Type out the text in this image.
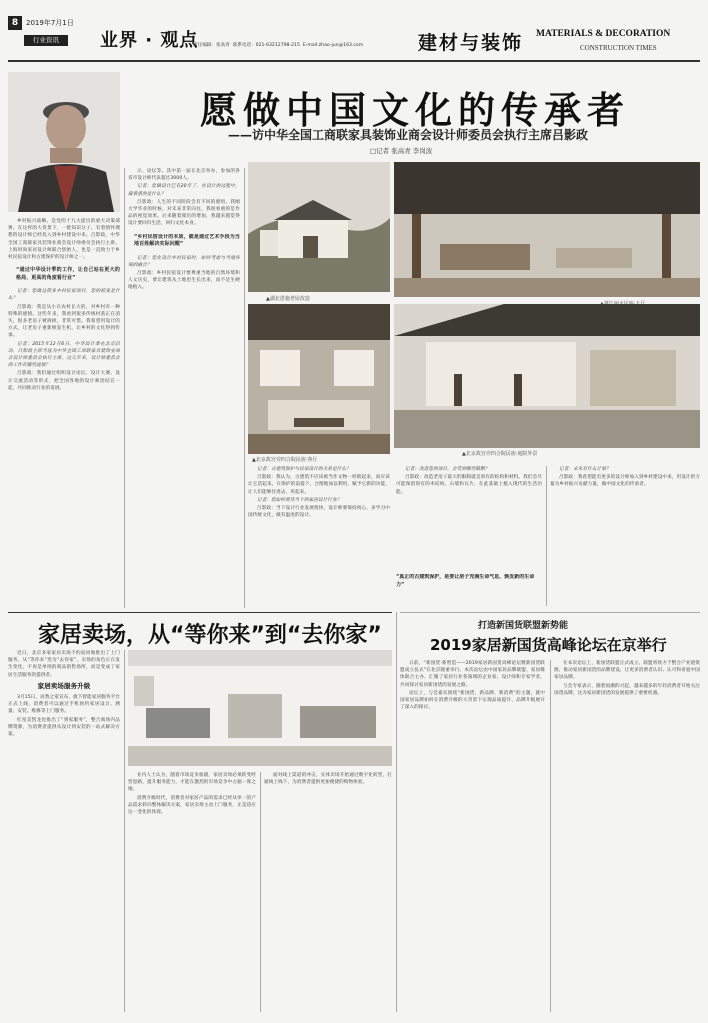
8	2019年7月1日
行业资讯	业界 · 观点
责任编辑：张高青 联系电话：021-63212798-215 E-mail:zhao-jun@163.com	建材与装饰 MATERIALS & DECORATION
CONSTRUCTION TIMES
愿做中国文化的传承者
——访中华全国工商联家具装饰业商会设计师委员会执行主席吕影政
□记者 张高青 李岗波

乡村振兴战略，是党的十九大提出的重大决策部署。在这样的大背景下，一批知识分子、有着情怀理想的设计师已经投入到乡村建设中来。吕影政，中华全国工商联家具装饰业商会设计师委员会执行主席，上海时尚家居设计师联合创始人，也是一直致力于乡村民宿设计和古建保护的设计师之一。

“通过中华设计季的工作，让自己站在更大的格局、更高的角度看行业”

记者：您做过很多乡村民宿项目，您的初衷是什么？

吕影政：我是从小在农村长大的，对乡村有一种特殊的感情。这些年来，我看到很多传统村落正在消失，很多老房子被拆掉，非常可惜。我希望用设计的方式，让老房子重新焕发生机，让乡村的文化得到传承。

记者：2015年12月6日，中华设计季在北京启动，吕影政主席当选为中华全国工商联家具装饰业商会设计师委员会执行主席。这几年来，设计师委员会的工作有哪些进展？

吕影政：我们通过组织设计论坛、设计大赛、设计交流活动等形式，把全国各地的设计师团结在一起，共同推动行业的发展。

示、论坛等。其中第一届在北京举办，参加的各省市设计师代表超过3000人。

记者：您做设计已有20年了，在设计的过程中，最看重的是什么？

吕影政：人生的不同阶段会有不同的感悟。我刚大学毕业的时候，对未来非常向往，我很看重的是作品的视觉效果。后来随着阅历的增加，我越来越觉得设计要回归生活，回归文化本身。

“乡村民宿设计的本质，就是通过艺术手段为当地百姓解决实际问题”

记者：您在设计乡村民宿时，如何考虑与当地环境的融合？

吕影政：乡村民宿设计要尊重当地的自然环境和人文历史，要让建筑从土地里生长出来，而不是生硬地植入。

▲湖北恩施老屋改造
▲北京故宫旁四合院民宿·客厅
▲北京故宫旁四合院民宿·庭院外景

记者：古建筑保护与民宿设计的关系是什么？

吕影政：我认为，古建筑不应该被当作文物一样锁起来，而应该让它活起来。在保护的前提下，合理地加以利用，赋予它新的功能，让人们能够住进去、用起来。

记者：您如何看待当下的家居设计行业？

吕影政：当下设计行业发展很快，设计师要保持初心，多学习中国传统文化，做有温度的设计。

记者：改造您的项目，会受到哪些限制？

吕影政：改造老房子最大的限制就是原有的结构和材料。我们会尽可能保留原有的木结构、石墙和瓦片，在此基础上植入现代的生活功能。

“真正的古建筑保护，是要让房子充满生命气息，焕发新的生命力”

记者：未来有什么计划？

吕影政：我希望能有更多的设计师加入到乡村建设中来，用设计的力量为乡村振兴贡献力量，做中国文化的传承者。

打造新国货联盟新势能
2019家居新国货高峰论坛在京举行

日前，“新国货·新智造——2019家居新国货高峰论坛暨新国货联盟成立仪式”在北京隆重举行。本次论坛由中国家居品牌联盟、家居媒体联合主办，汇聚了家居行业各领域的企业家、设计师和专家学者，共同探讨家居新国货的发展之路。

论坛上，与会嘉宾围绕“新国货、新品牌、新消费”的主题，就中国家居品牌如何在消费升级的大背景下实现品质提升、品牌升级展开了深入的探讨。

在本次论坛上，新国货联盟正式成立。联盟将致力于整合产业链资源，推动家居新国货的品牌建设，让更多消费者认识、认可和喜爱中国家居品牌。

与会专家表示，随着国潮的兴起，越来越多的年轻消费者开始关注国货品牌，这为家居新国货的发展提供了重要机遇。

家居卖场，从“等你来”到“去你家”

近日，北京多家家居卖场不约而同地推出了上门服务，从“等你来”变为“去你家”。卖场的角色正在发生变化，不再是单纯的商品销售场所，而是变成了家居生活服务的提供者。

家居卖场服务升级

3月15日，居然之家宣布，旗下智能家居服务平台正式上线，消费者可以通过手机预约家居设计、测量、安装、维修等上门服务。

红星美凯龙也推出了“到家服务”，整合商场内品牌资源，为消费者提供从设计到安装的一站式解决方案。

业内人士认为，随着市场竞争加剧，家居卖场必须转变经营思路，提升服务能力，才能在激烈的市场竞争中占据一席之地。

消费升级时代，消费者对家居产品的需求已经从单一的产品需求转向整体解决方案，家居卖场主动上门服务，正是适应这一变化的体现。

面对线上渠道的冲击，实体卖场开始通过数字化转型，打通线上线下，为消费者提供更加便捷的购物体验。
